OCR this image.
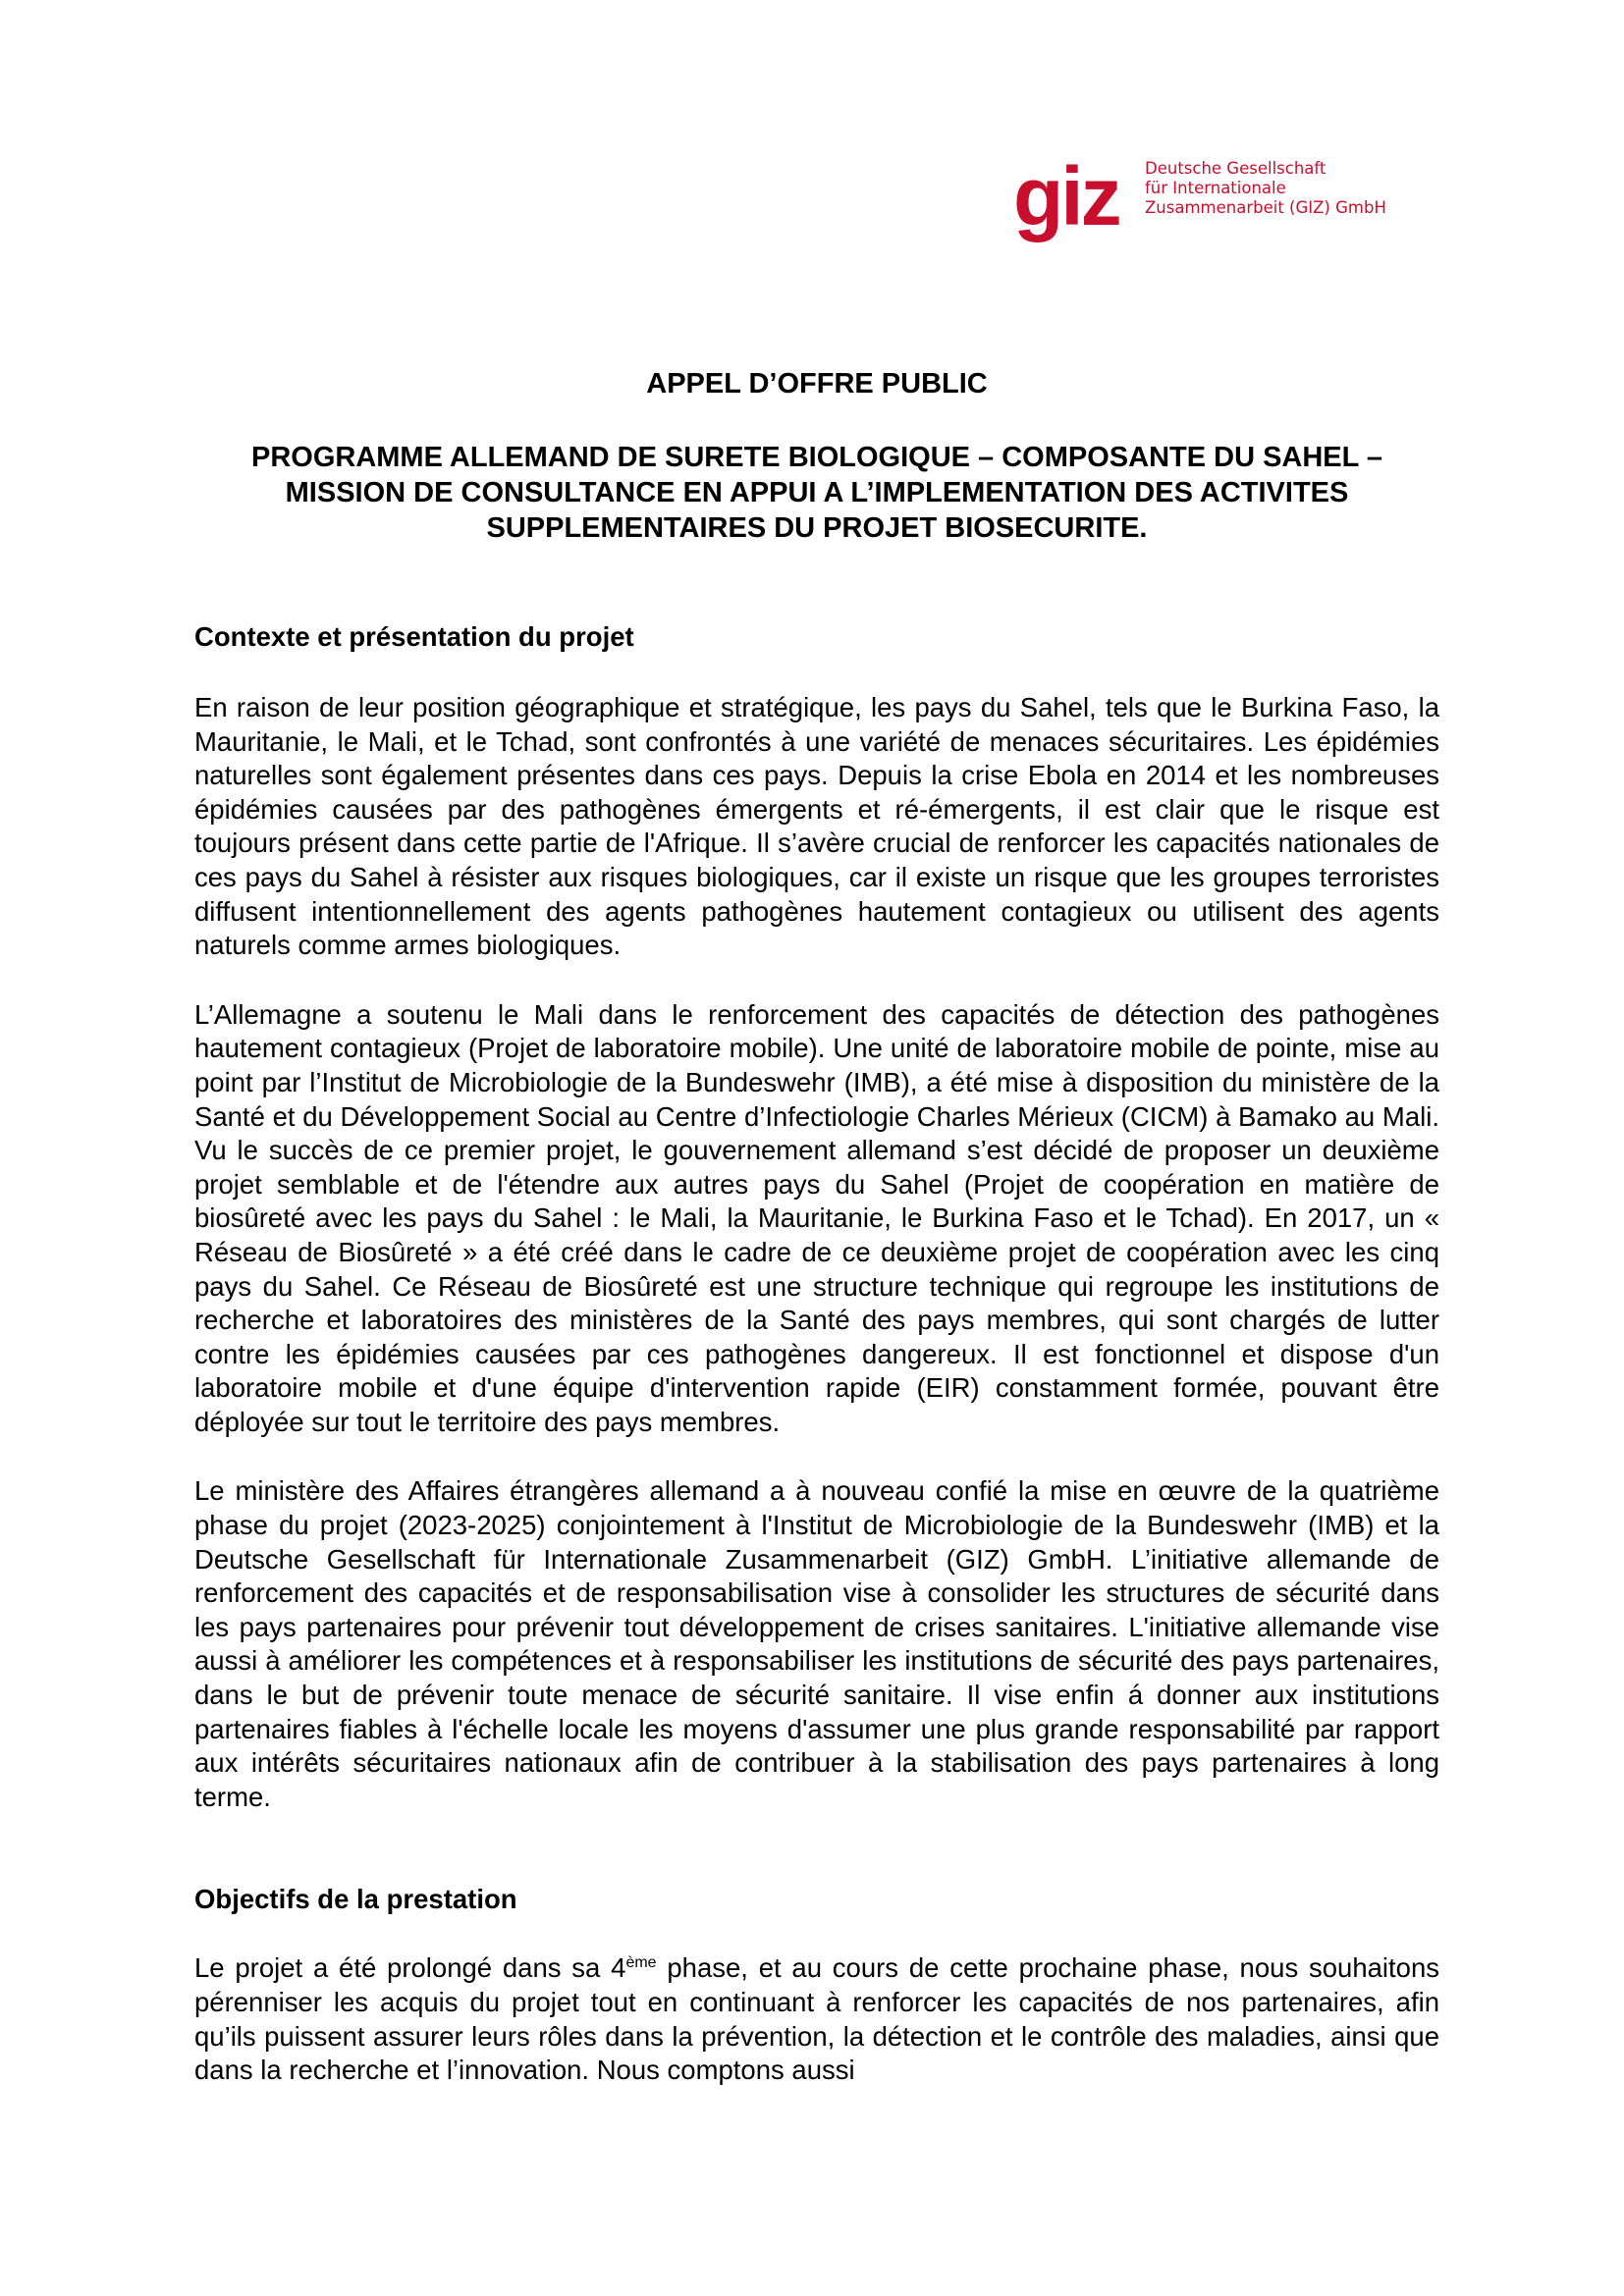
giz Deutsche Gesellschaft
für Internationale
Zusammenarbeit (GIZ) GmbH
APPEL D’OFFRE PUBLIC
PROGRAMME ALLEMAND DE SURETE BIOLOGIQUE – COMPOSANTE DU SAHEL – MISSION DE CONSULTANCE EN APPUI A L’IMPLEMENTATION DES ACTIVITES SUPPLEMENTAIRES DU PROJET BIOSECURITE.
Contexte et présentation du projet

En raison de leur position géographique et stratégique, les pays du Sahel, tels que le Burkina Faso, la Mauritanie, le Mali, et le Tchad, sont confrontés à une variété de menaces sécuritaires. Les épidémies naturelles sont également présentes dans ces pays. Depuis la crise Ebola en 2014 et les nombreuses épidémies causées par des pathogènes émergents et ré-émergents, il est clair que le risque est toujours présent dans cette partie de l'Afrique. Il s’avère crucial de renforcer les capacités nationales de ces pays du Sahel à résister aux risques biologiques, car il existe un risque que les groupes terroristes diffusent intentionnellement des agents pathogènes hautement contagieux ou utilisent des agents naturels comme armes biologiques.

L’Allemagne a soutenu le Mali dans le renforcement des capacités de détection des pathogènes hautement contagieux (Projet de laboratoire mobile). Une unité de laboratoire mobile de pointe, mise au point par l’Institut de Microbiologie de la Bundeswehr (IMB), a été mise à disposition du ministère de la Santé et du Développement Social au Centre d’Infectiologie Charles Mérieux (CICM) à Bamako au Mali. Vu le succès de ce premier projet, le gouvernement allemand s’est décidé de proposer un deuxième projet semblable et de l'étendre aux autres pays du Sahel (Projet de coopération en matière de biosûreté avec les pays du Sahel : le Mali, la Mauritanie, le Burkina Faso et le Tchad). En 2017, un « Réseau de Biosûreté » a été créé dans le cadre de ce deuxième projet de coopération avec les cinq pays du Sahel. Ce Réseau de Biosûreté est une structure technique qui regroupe les institutions de recherche et laboratoires des ministères de la Santé des pays membres, qui sont chargés de lutter contre les épidémies causées par ces pathogènes dangereux. Il est fonctionnel et dispose d'un laboratoire mobile et d'une équipe d'intervention rapide (EIR) constamment formée, pouvant être déployée sur tout le territoire des pays membres.

Le ministère des Affaires étrangères allemand a à nouveau confié la mise en œuvre de la quatrième phase du projet (2023-2025) conjointement à l'Institut de Microbiologie de la Bundeswehr (IMB) et la Deutsche Gesellschaft für Internationale Zusammenarbeit (GIZ) GmbH. L’initiative allemande de renforcement des capacités et de responsabilisation vise à consolider les structures de sécurité dans les pays partenaires pour prévenir tout développement de crises sanitaires. L'initiative allemande vise aussi à améliorer les compétences et à responsabiliser les institutions de sécurité des pays partenaires, dans le but de prévenir toute menace de sécurité sanitaire. Il vise enfin á donner aux institutions partenaires fiables à l'échelle locale les moyens d'assumer une plus grande responsabilité par rapport aux intérêts sécuritaires nationaux afin de contribuer à la stabilisation des pays partenaires à long terme.

Objectifs de la prestation

Le projet a été prolongé dans sa 4ème phase, et au cours de cette prochaine phase, nous souhaitons pérenniser les acquis du projet tout en continuant à renforcer les capacités de nos partenaires, afin qu’ils puissent assurer leurs rôles dans la prévention, la détection et le contrôle des maladies, ainsi que dans la recherche et l’innovation. Nous comptons aussi
